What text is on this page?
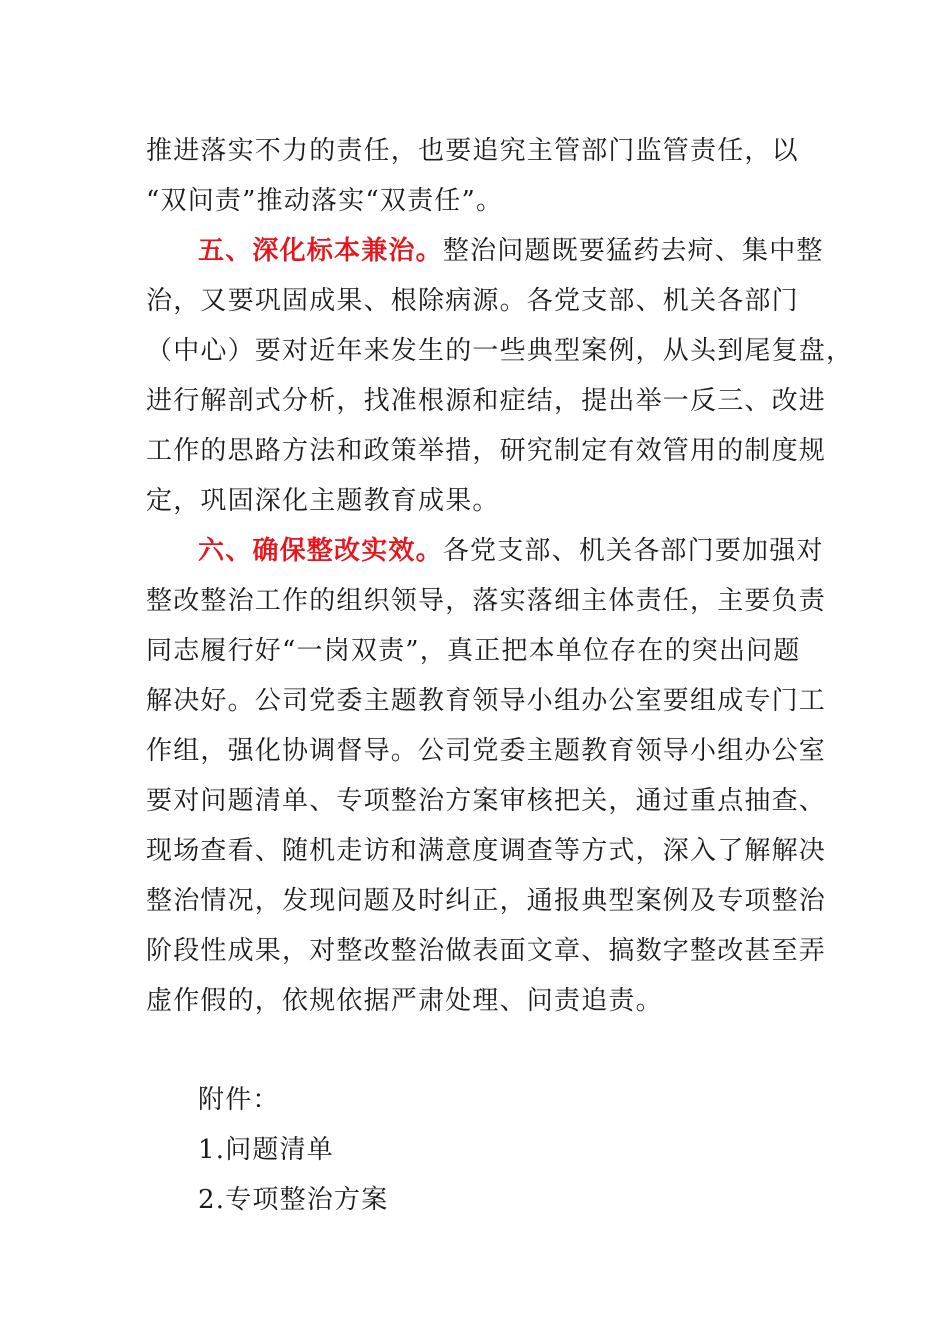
推进落实不力的责任，也要追究主管部门监管责任，以
“双问责”推动落实“双责任”。
五、深化标本兼治。整治问题既要猛药去疴、集中整
治，又要巩固成果、根除病源。各党支部、机关各部门
（中心）要对近年来发生的一些典型案例，从头到尾复盘，
进行解剖式分析，找准根源和症结，提出举一反三、改进
工作的思路方法和政策举措，研究制定有效管用的制度规
定，巩固深化主题教育成果。
六、确保整改实效。各党支部、机关各部门要加强对
整改整治工作的组织领导，落实落细主体责任，主要负责
同志履行好“一岗双责”，真正把本单位存在的突出问题
解决好。公司党委主题教育领导小组办公室要组成专门工
作组，强化协调督导。公司党委主题教育领导小组办公室
要对问题清单、专项整治方案审核把关，通过重点抽查、
现场查看、随机走访和满意度调查等方式，深入了解解决
整治情况，发现问题及时纠正，通报典型案例及专项整治
阶段性成果，对整改整治做表面文章、搞数字整改甚至弄
虚作假的，依规依据严肃处理、问责追责。
附件：
1.问题清单
2.专项整治方案
